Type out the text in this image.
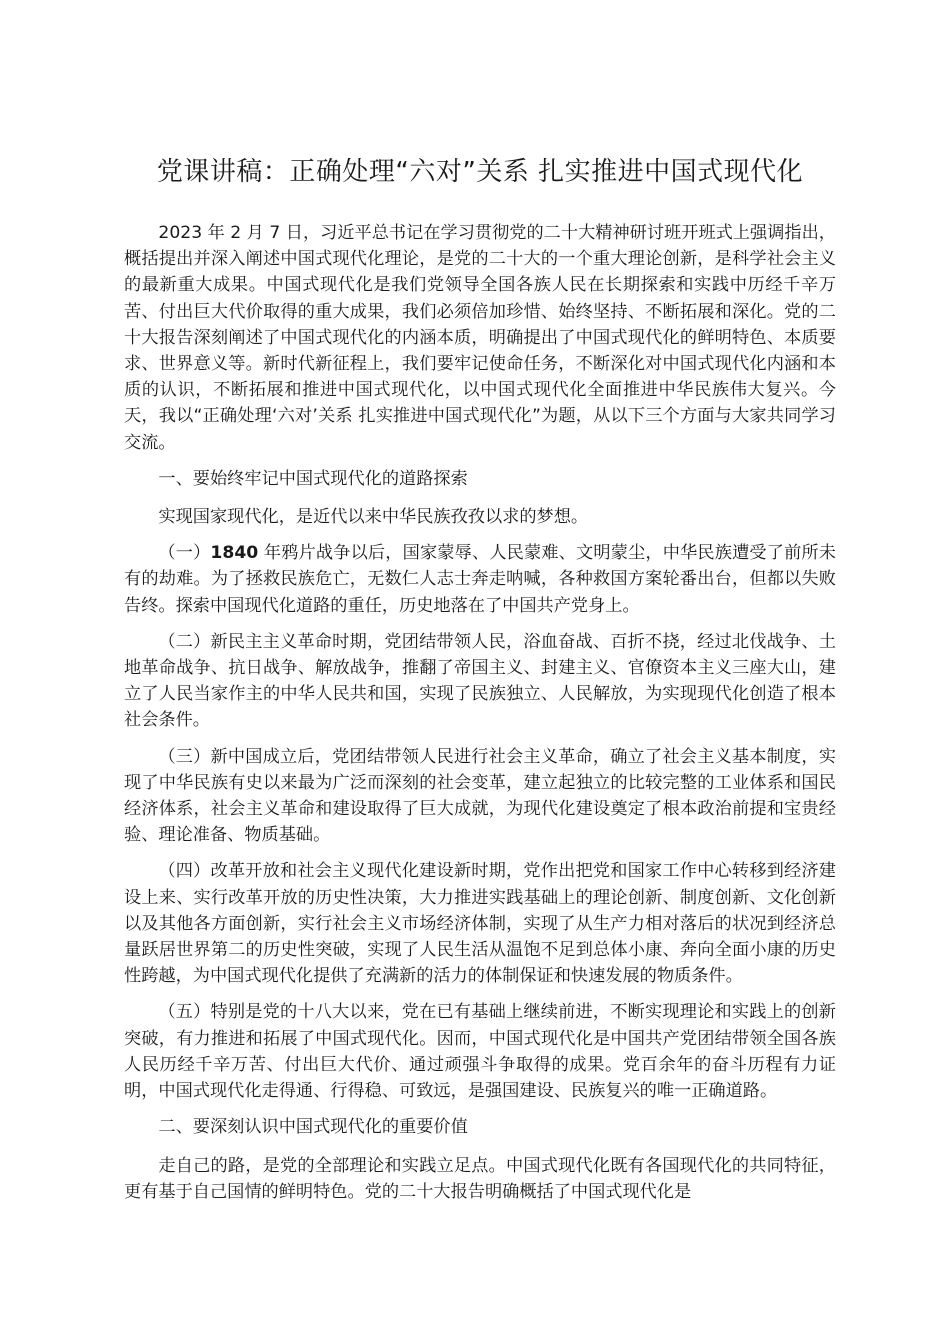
党课讲稿：正确处理“六对”关系 扎实推进中国式现代化

2023 年 2 月 7 日，习近平总书记在学习贯彻党的二十大精神研讨班开班式上强调指出，概括提出并深入阐述中国式现代化理论，是党的二十大的一个重大理论创新，是科学社会主义的最新重大成果。中国式现代化是我们党领导全国各族人民在长期探索和实践中历经千辛万苦、付出巨大代价取得的重大成果，我们必须倍加珍惜、始终坚持、不断拓展和深化。党的二十大报告深刻阐述了中国式现代化的内涵本质，明确提出了中国式现代化的鲜明特色、本质要求、世界意义等。新时代新征程上，我们要牢记使命任务，不断深化对中国式现代化内涵和本质的认识，不断拓展和推进中国式现代化，以中国式现代化全面推进中华民族伟大复兴。今天，我以“正确处理‘六对’关系 扎实推进中国式现代化”为题，从以下三个方面与大家共同学习交流。

一、要始终牢记中国式现代化的道路探索

实现国家现代化，是近代以来中华民族孜孜以求的梦想。

（一）1840 年鸦片战争以后，国家蒙辱、人民蒙难、文明蒙尘，中华民族遭受了前所未有的劫难。为了拯救民族危亡，无数仁人志士奔走呐喊，各种救国方案轮番出台，但都以失败告终。探索中国现代化道路的重任，历史地落在了中国共产党身上。

（二）新民主主义革命时期，党团结带领人民，浴血奋战、百折不挠，经过北伐战争、土地革命战争、抗日战争、解放战争，推翻了帝国主义、封建主义、官僚资本主义三座大山，建立了人民当家作主的中华人民共和国，实现了民族独立、人民解放，为实现现代化创造了根本社会条件。

（三）新中国成立后，党团结带领人民进行社会主义革命，确立了社会主义基本制度，实现了中华民族有史以来最为广泛而深刻的社会变革，建立起独立的比较完整的工业体系和国民经济体系，社会主义革命和建设取得了巨大成就，为现代化建设奠定了根本政治前提和宝贵经验、理论准备、物质基础。

（四）改革开放和社会主义现代化建设新时期，党作出把党和国家工作中心转移到经济建设上来、实行改革开放的历史性决策，大力推进实践基础上的理论创新、制度创新、文化创新以及其他各方面创新，实行社会主义市场经济体制，实现了从生产力相对落后的状况到经济总量跃居世界第二的历史性突破，实现了人民生活从温饱不足到总体小康、奔向全面小康的历史性跨越，为中国式现代化提供了充满新的活力的体制保证和快速发展的物质条件。

（五）特别是党的十八大以来，党在已有基础上继续前进，不断实现理论和实践上的创新突破，有力推进和拓展了中国式现代化。因而，中国式现代化是中国共产党团结带领全国各族人民历经千辛万苦、付出巨大代价、通过顽强斗争取得的成果。党百余年的奋斗历程有力证明，中国式现代化走得通、行得稳、可致远，是强国建设、民族复兴的唯一正确道路。

二、要深刻认识中国式现代化的重要价值

走自己的路，是党的全部理论和实践立足点。中国式现代化既有各国现代化的共同特征，更有基于自己国情的鲜明特色。党的二十大报告明确概括了中国式现代化是
